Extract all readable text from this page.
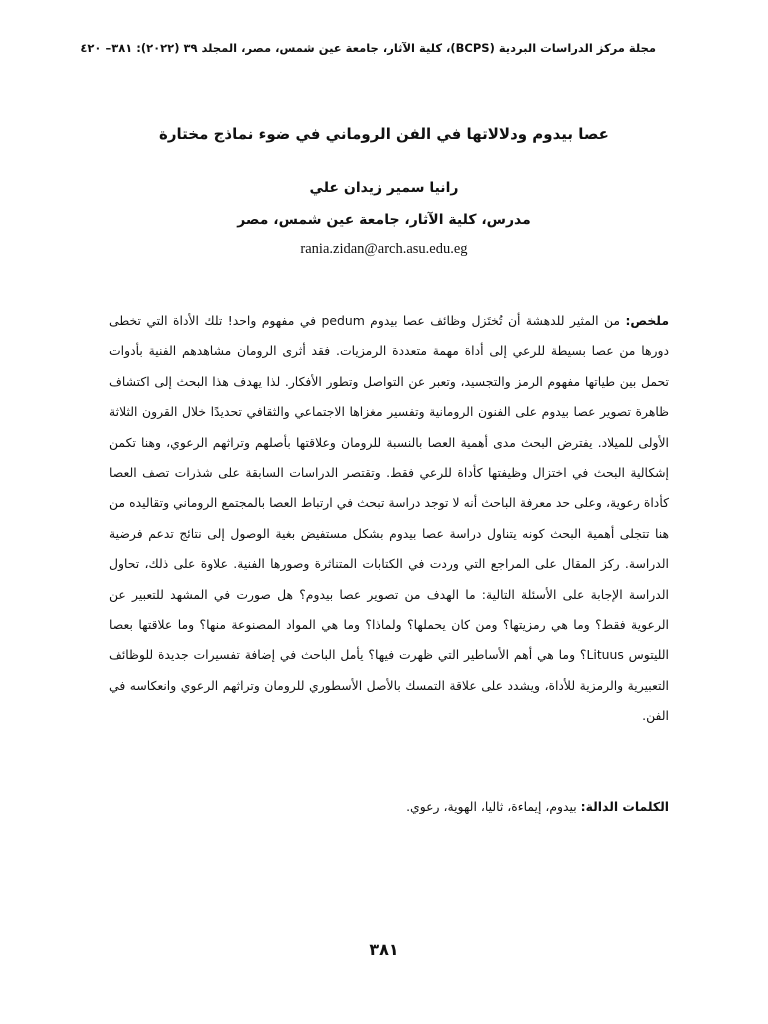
مجلة مركز الدراسات البردية (BCPS)، كلية الآثار، جامعة عين شمس، مصر، المجلد ٣٩ (٢٠٢٢): ٣٨١– ٤٢٠
عصا بيدوم ودلالاتها في الفن الروماني في ضوء نماذج مختارة
رانيا سمير زيدان علي
مدرس، كلية الآثار، جامعة عين شمس، مصر
rania.zidan@arch.asu.edu.eg
ملخص: من المثير للدهشة أن تُختَزل وظائف عصا بيدوم pedum في مفهوم واحد! تلك الأداة التي تخطى دورها من عصا بسيطة للرعي إلى أداة مهمة متعددة الرمزيات. فقد أثرى الرومان مشاهدهم الفنية بأدوات تحمل بين طياتها مفهوم الرمز والتجسيد، وتعبر عن التواصل وتطور الأفكار. لذا يهدف هذا البحث إلى اكتشاف ظاهرة تصوير عصا بيدوم على الفنون الرومانية وتفسير مغزاها الاجتماعي والثقافي تحديدًا خلال القرون الثلاثة الأولى للميلاد. يفترض البحث مدى أهمية العصا بالنسبة للرومان وعلاقتها بأصلهم وتراثهم الرعوي، وهنا تكمن إشكالية البحث في اختزال وظيفتها كأداة للرعي فقط. وتقتصر الدراسات السابقة على شذرات تصف العصا كأداة رعوية، وعلى حد معرفة الباحث أنه لا توجد دراسة تبحث في ارتباط العصا بالمجتمع الروماني وتقاليده من هنا تتجلى أهمية البحث كونه يتناول دراسة عصا بيدوم بشكل مستفيض بغية الوصول إلى نتائج تدعم فرضية الدراسة. ركز المقال على المراجع التي وردت في الكتابات المتناثرة وصورها الفنية. علاوة على ذلك، تحاول الدراسة الإجابة على الأسئلة التالية: ما الهدف من تصوير عصا بيدوم؟ هل صورت في المشهد للتعبير عن الرعوية فقط؟ وما هي رمزيتها؟ ومن كان يحملها؟ ولماذا؟ وما هي المواد المصنوعة منها؟ وما علاقتها بعصا الليتوس Lituus؟ وما هي أهم الأساطير التي ظهرت فيها؟ يأمل الباحث في إضافة تفسيرات جديدة للوظائف التعبيرية والرمزية للأداة، ويشدد على علاقة التمسك بالأصل الأسطوري للرومان وتراثهم الرعوي وانعكاسه في الفن.
الكلمات الدالة: بيدوم، إيماءة، ثاليا، الهوية، رعوي.
٣٨١
